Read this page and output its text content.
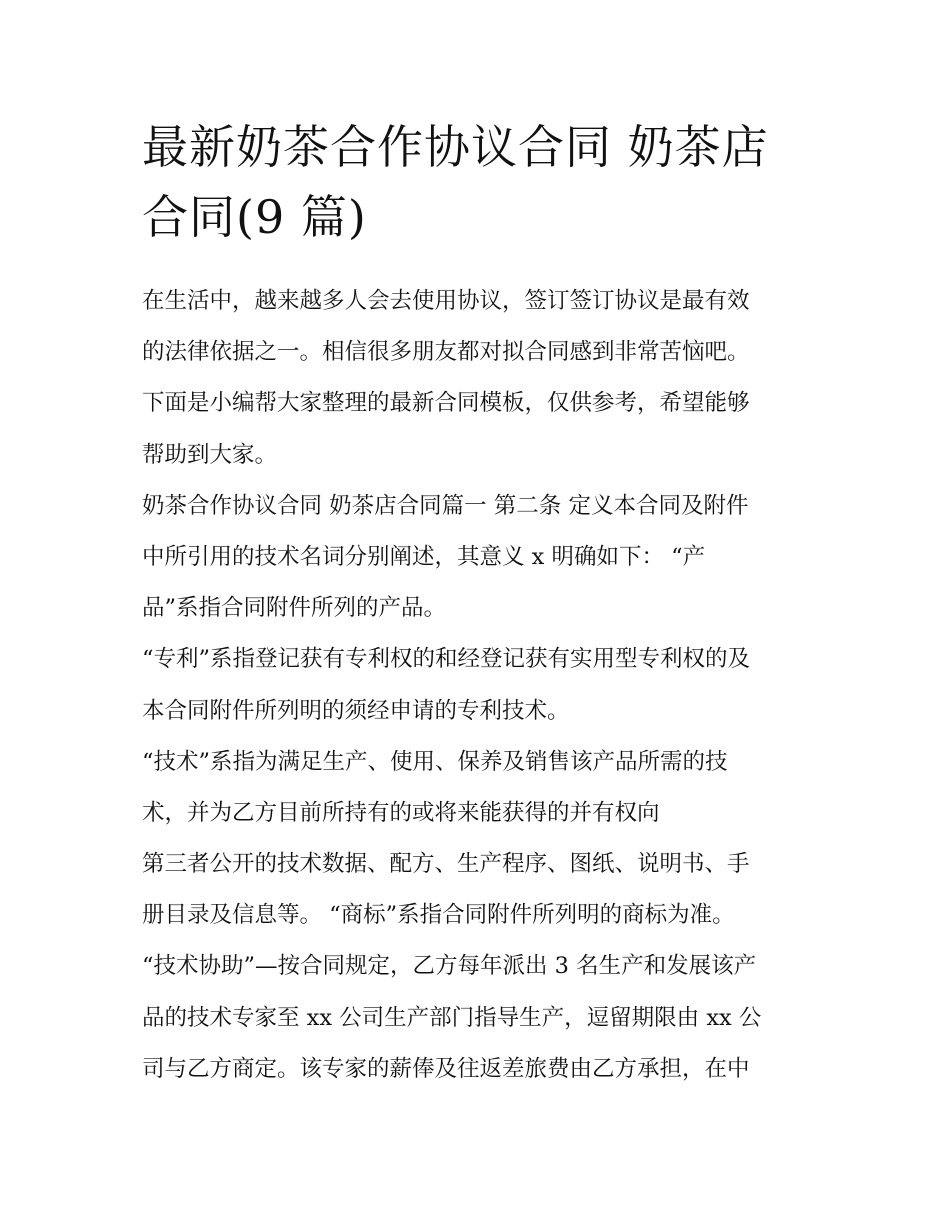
最新奶茶合作协议合同 奶茶店
合同(9 篇)
在生活中，越来越多人会去使用协议，签订签订协议是最有效
的法律依据之一。相信很多朋友都对拟合同感到非常苦恼吧。
下面是小编帮大家整理的最新合同模板，仅供参考，希望能够
帮助到大家。
奶茶合作协议合同 奶茶店合同篇一 第二条 定义本合同及附件
中所引用的技术名词分别阐述，其意义 x 明确如下： “产
品”系指合同附件所列的产品。
“专利”系指登记获有专利权的和经登记获有实用型专利权的及
本合同附件所列明的须经申请的专利技术。
“技术”系指为满足生产、使用、保养及销售该产品所需的技
术，并为乙方目前所持有的或将来能获得的并有权向
第三者公开的技术数据、配方、生产程序、图纸、说明书、手
册目录及信息等。 “商标”系指合同附件所列明的商标为准。
“技术协助”—按合同规定，乙方每年派出 3 名生产和发展该产
品的技术专家至 xx 公司生产部门指导生产，逗留期限由 xx 公
司与乙方商定。该专家的薪俸及往返差旅费由乙方承担，在中
